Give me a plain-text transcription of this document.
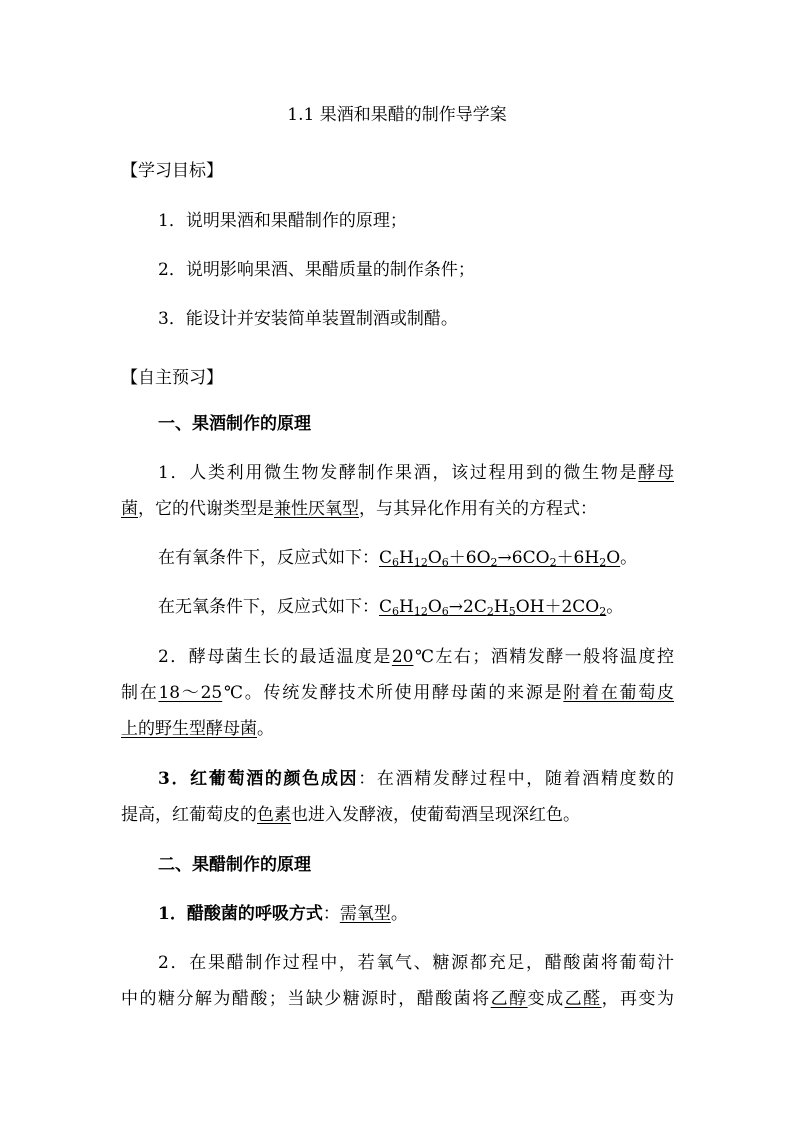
1.1 果酒和果醋的制作导学案
【学习目标】
1．说明果酒和果醋制作的原理；
2．说明影响果酒、果醋质量的制作条件；
3．能设计并安装简单装置制酒或制醋。
【自主预习】
一、果酒制作的原理
1．人类利用微生物发酵制作果酒，该过程用到的微生物是酵母
菌，它的代谢类型是兼性厌氧型，与其异化作用有关的方程式：
在有氧条件下，反应式如下：$C_6H_{12}O_6+6O_2\to 6CO_2+6H_2O$。
在无氧条件下，反应式如下：$C_6H_{12}O_6\to 2C_2H_5OH+2CO_2$。
2．酵母菌生长的最适温度是20℃左右；酒精发酵一般将温度控
制在18～25℃。传统发酵技术所使用酵母菌的来源是附着在葡萄皮
上的野生型酵母菌。
3．红葡萄酒的颜色成因：在酒精发酵过程中，随着酒精度数的
提高，红葡萄皮的色素也进入发酵液，使葡萄酒呈现深红色。
二、果醋制作的原理
1．醋酸菌的呼吸方式：需氧型。
2．在果醋制作过程中，若氧气、糖源都充足，醋酸菌将葡萄汁
中的糖分解为醋酸；当缺少糖源时，醋酸菌将乙醇变成乙醛，再变为
